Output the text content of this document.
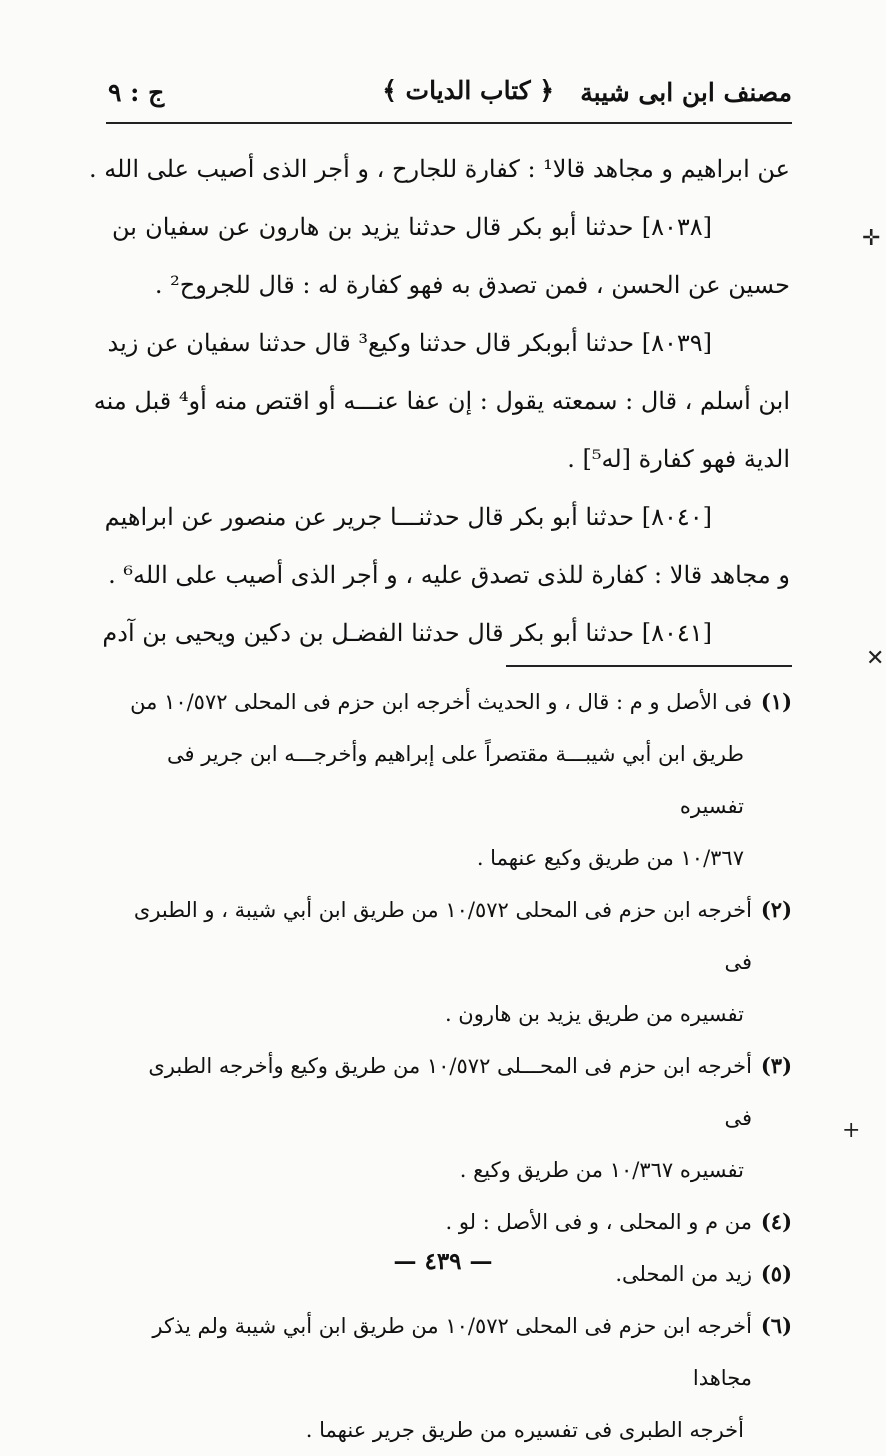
مصنف ابن ابی شیبة
﴿ كتاب الديات ﴾
ج : ٩
عن ابراهيم و مجاهد قالا¹ : كفارة للجارح ، و أجر الذى أصيب على الله .
[٨٠٣٨] حدثنا أبو بكر قال حدثنا يزيد بن هارون عن سفيان بن
حسين عن الحسن ، فمن تصدق به فهو كفارة له : قال للجروح² .
[٨٠٣٩] حدثنا أبوبكر قال حدثنا وكيع³ قال حدثنا سفيان عن زيد
ابن أسلم ، قال : سمعته يقول : إن عفا عنـــه أو اقتص منه أو⁴ قبل منه
الدية فهو كفارة [له⁵] .
[٨٠٤٠] حدثنا أبو بكر قال حدثنـــا جرير عن منصور عن ابراهيم
و مجاهد قالا : كفارة للذى تصدق عليه ، و أجر الذى أصيب على الله⁶ .
[٨٠٤١] حدثنا أبو بكر قال حدثنا الفضـل بن دكين ويحيى بن آدم
(١)
فى الأصل و م : قال ، و الحديث أخرجه ابن حزم فى المحلى ١٠/٥٧٢ من
طريق ابن أبي شيبـــة مقتصراً على إبراهيم وأخرجـــه ابن جرير فى تفسيره
١٠/٣٦٧ من طريق وكيع عنهما .
(٢)
أخرجه ابن حزم فى المحلى ١٠/٥٧٢ من طريق ابن أبي شيبة ، و الطبرى فى
تفسيره من طريق يزيد بن هارون .
(٣)
أخرجه ابن حزم فى المحـــلى ١٠/٥٧٢ من طريق وكيع وأخرجه الطبرى فى
تفسيره ١٠/٣٦٧ من طريق وكيع .
(٤)
من م و المحلى ، و فى الأصل : لو .
(٥)
زيد من المحلى.
(٦)
أخرجه ابن حزم فى المحلى ١٠/٥٧٢ من طريق ابن أبي شيبة ولم يذكر مجاهدا
أخرجه الطبرى فى تفسيره من طريق جرير عنهما .
— ٤٣٩ —
✛
✕
+
